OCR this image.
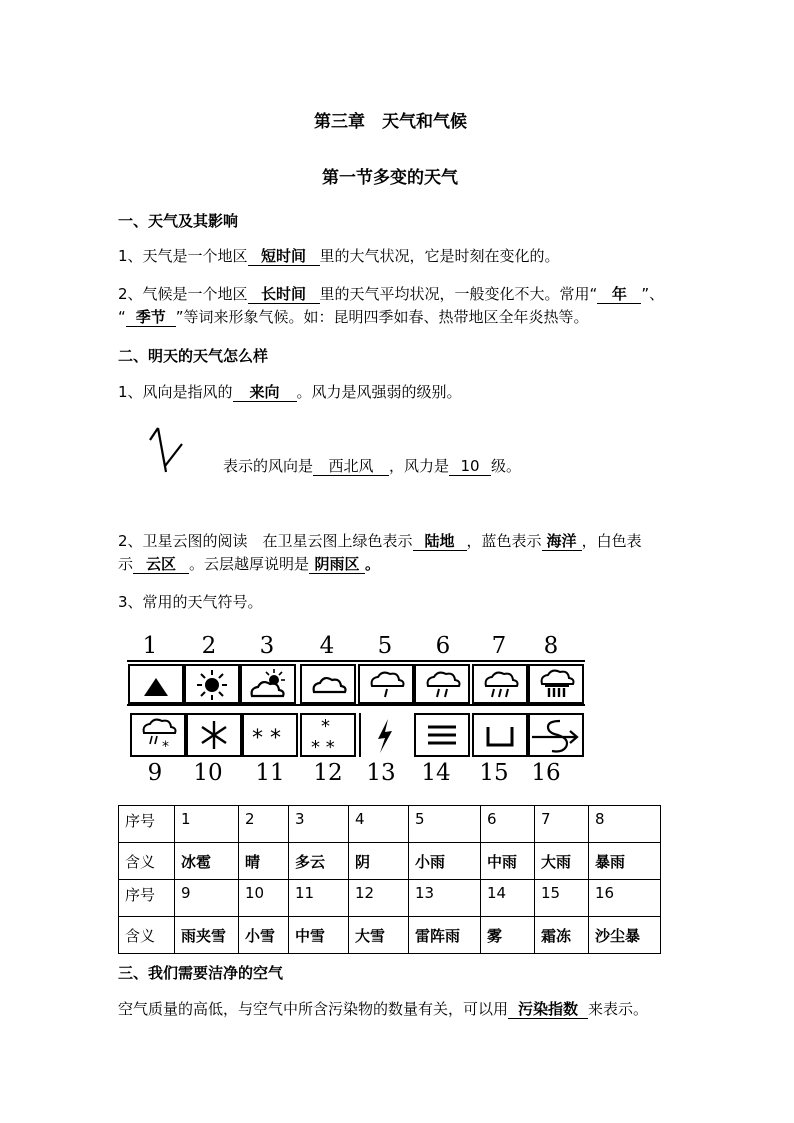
第三章　天气和气候
第一节多变的天气
一、天气及其影响
1、天气是一个地区 短时间 里的大气状况，它是时刻在变化的。
2、气候是一个地区 长时间 里的天气平均状况，一般变化不大。常用“ 年 ”、
“ 季节 ”等词来形象气候。如：昆明四季如春、热带地区全年炎热等。
二、明天的天气怎么样
1、风向是指风的 来向 。风力是风强弱的级别。
表示的风向是 西北风 ，风力是 10 级。
2、卫星云图的阅读　在卫星云图上绿色表示 陆地 ，蓝色表示 海洋 ，白色表
示 云区 。云层越厚说明是 阴雨区 。
3、常用的天气符号。
1	2	3	4	5	6	7	8
*	* * *
* *
9	10	11	12	13	14	15 16
序号	1	2	3	4	5	6	7	8
含义	冰雹	晴	多云	阴	小雨	中雨	大雨	暴雨
序号	9	10	11	12	13	14	15	16
含义	雨夹雪	小雪	中雪	大雪	雷阵雨	雾	霜冻	沙尘暴
三、我们需要洁净的空气
空气质量的高低，与空气中所含污染物的数量有关，可以用 污染指数 来表示。
